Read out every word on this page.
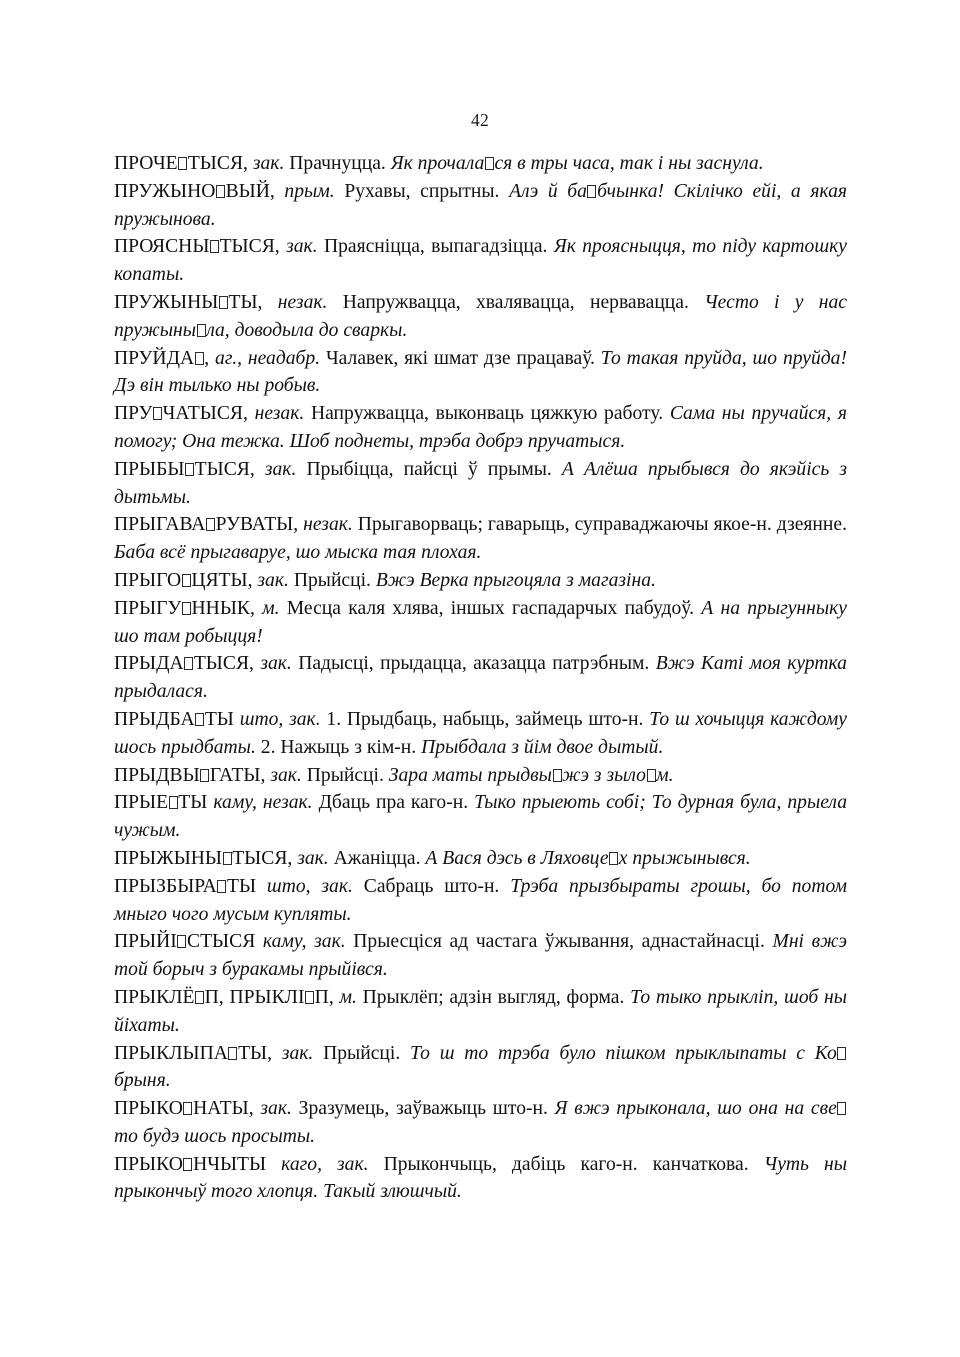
42

ПРОЧЕ ТЫСЯ, зак. Прачнуцца. Як прочала ся в тры часа, так і ны заснула.

ПРУЖЫНО ВЫЙ, прым. Рухавы, спрытны. Алэ й ба бчынка! Скілічко ейі, а якая пружынова.

ПРОЯСНЫ ТЫСЯ, зак. Праясніцца, выпагадзіцца. Як проясныцця, то піду картошку копаты.

ПРУЖЫНЫ ТЫ, незак. Напружвацца, хвалявацца, нервавацца. Често і у нас пружыны ла, доводыла до сваркы.

ПРУЙДА , аг., неадабр. Чалавек, які шмат дзе працаваў. То такая пруйда, шо пруйда! Дэ він тылько ны робыв.

ПРУ ЧАТЫСЯ, незак. Напружвацца, выконваць цяжкую работу. Сама ны пручайся, я помогу; Она тежка. Шоб поднеты, трэба добрэ пручатыся.

ПРЫБЫ ТЫСЯ, зак. Прыбіцца, пайсці ў прымы. А Алёша прыбывся до якэйісь з дытьмы.

ПРЫГАВА РУВАТЫ, незак. Прыгаворваць; гаварыць, суправаджаючы якое-н. дзеянне. Баба всё прыгаваруе, шо мыска тая плохая.

ПРЫГО ЦЯТЫ, зак. Прыйсці. Вжэ Верка прыгоцяла з магазіна.

ПРЫГУ ННЫК, м. Месца каля хлява, іншых гаспадарчых пабудоў. А на прыгунныку шо там робыцця!

ПРЫДА ТЫСЯ, зак. Падысці, прыдацца, аказацца патрэбным. Вжэ Каті моя куртка прыдалася.

ПРЫДБА ТЫ што, зак. 1. Прыдбаць, набыць, займець што-н. То ш хочыцця каждому шось прыдбаты. 2. Нажыць з кім-н. Прыбдала з йім двое дытый.

ПРЫДВЫ ГАТЫ, зак. Прыйсці. Зара маты прыдвы жэ з зыло м.

ПРЫЕ ТЫ каму, незак. Дбаць пра каго-н. Тыко прыеють собі; То дурная була, прыела чужым.

ПРЫЖЫНЫ ТЫСЯ, зак. Ажаніцца. А Вася дэсь в Ляховце х прыжынывся.

ПРЫЗБЫРА ТЫ што, зак. Сабраць што-н. Трэба прызбыраты грошы, бо потом мныго чого мусым купляты.

ПРЫЙІ СТЫСЯ каму, зак. Прыесціся ад частага ўжывання, аднастайнасці. Мні вжэ той борыч з буракамы прыйівся.

ПРЫКЛЁ П, ПРЫКЛІ П, м. Прыклёп; адзін выгляд, форма. То тыко прыкліп, шоб ны йіхаты.

ПРЫКЛЫПА ТЫ, зак. Прыйсці. То ш то трэба було пішком прыклыпаты с Кобрыня.

ПРЫКО НАТЫ, зак. Зразумець, заўважыць што-н. Я вжэ прыконала, шо она на свето будэ шось просыты.

ПРЫКО НЧЫТЫ каго, зак. Прыкончыць, дабіць каго-н. канчаткова. Чуть ны прыкончыў того хлопця. Такый злюшчый.
